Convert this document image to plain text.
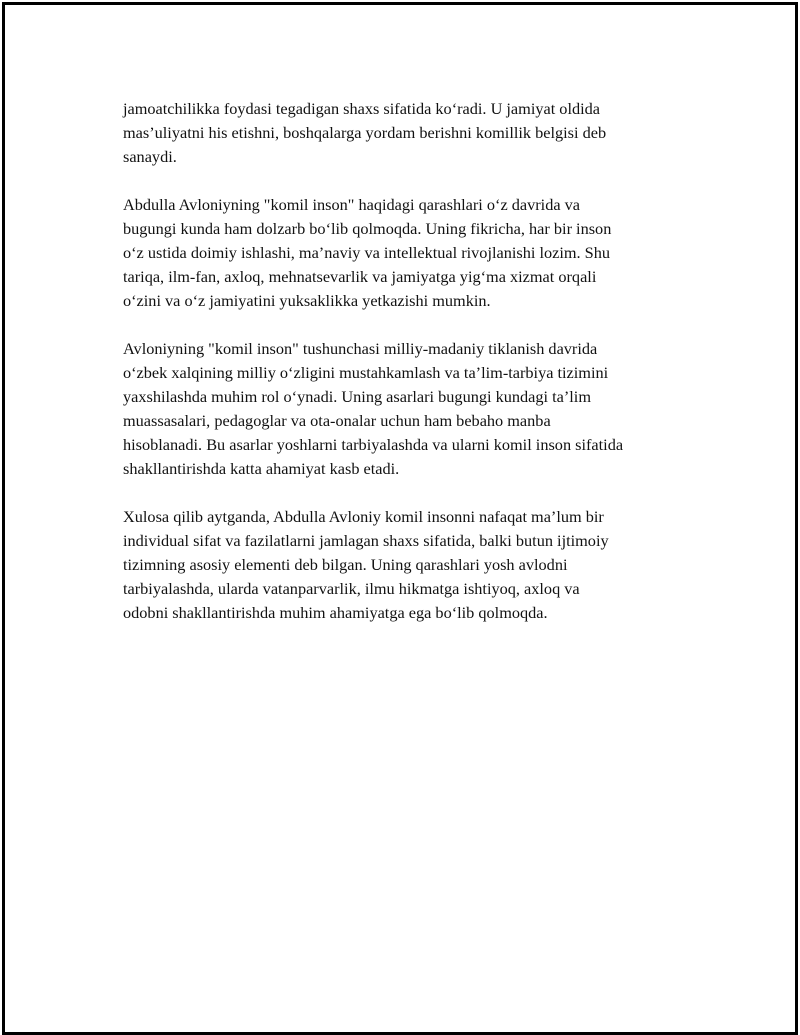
jamoatchilikka foydasi tegadigan shaxs sifatida ko‘radi. U jamiyat oldida
mas’uliyatni his etishni, boshqalarga yordam berishni komillik belgisi deb
sanaydi.

Abdulla Avloniyning "komil inson" haqidagi qarashlari o‘z davrida va
bugungi kunda ham dolzarb bo‘lib qolmoqda. Uning fikricha, har bir inson
o‘z ustida doimiy ishlashi, ma’naviy va intellektual rivojlanishi lozim. Shu
tariqa, ilm-fan, axloq, mehnatsevarlik va jamiyatga yig‘ma xizmat orqali
o‘zini va o‘z jamiyatini yuksaklikka yetkazishi mumkin.

Avloniyning "komil inson" tushunchasi milliy-madaniy tiklanish davrida
o‘zbek xalqining milliy o‘zligini mustahkamlash va ta’lim-tarbiya tizimini
yaxshilashda muhim rol o‘ynadi. Uning asarlari bugungi kundagi ta’lim
muassasalari, pedagoglar va ota-onalar uchun ham bebaho manba
hisoblanadi. Bu asarlar yoshlarni tarbiyalashda va ularni komil inson sifatida
shakllantirishda katta ahamiyat kasb etadi.

Xulosa qilib aytganda, Abdulla Avloniy komil insonni nafaqat ma’lum bir
individual sifat va fazilatlarni jamlagan shaxs sifatida, balki butun ijtimoiy
tizimning asosiy elementi deb bilgan. Uning qarashlari yosh avlodni
tarbiyalashda, ularda vatanparvarlik, ilmu hikmatga ishtiyoq, axloq va
odobni shakllantirishda muhim ahamiyatga ega bo‘lib qolmoqda.
